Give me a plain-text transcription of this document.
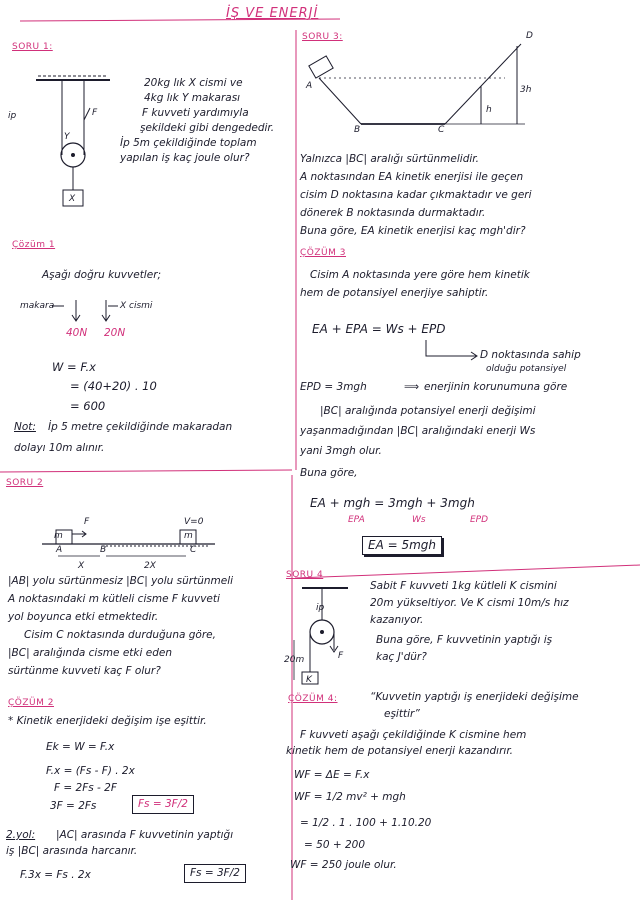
İŞ VE ENERJİ
SORU 1:
ip	F
Y
X
20kg lık X cismi ve
4kg lık Y makarası
F kuvveti yardımıyla
şekildeki gibi dengededir.
İp 5m çekildiğinde toplam
yapılan iş kaç joule olur?
Çözüm 1
Aşağı doğru kuvvetler;
makara	X cismi
40N 20N
W = F.x
= (40+20) . 10
= 600
Not: İp 5 metre çekildiğinde makaradan
dolayı 10m alınır.
SORU 2
m	m
F	V=0
A	B	C
X	2X
|AB| yolu sürtünmesiz |BC| yolu sürtünmeli
A noktasındaki m kütleli cisme F kuvveti
yol boyunca etki etmektedir.
Cisim C noktasında durduğuna göre,
|BC| aralığında cisme etki eden
sürtünme kuvveti kaç F olur?
ÇÖZÜM 2
* Kinetik enerjideki değişim işe eşittir.
Ek = W = F.x
F.x = (Fs - F) . 2x
F = 2Fs - 2F
3F = 2Fs	Fs = 3F/2
2.yol: |AC| arasında F kuvvetinin yaptığı
iş |BC| arasında harcanır.
F.3x = Fs . 2x	Fs = 3F/2
SORU 3:
A
B	C
D
h
3h
Yalnızca |BC| aralığı sürtünmelidir.
A noktasından EA kinetik enerjisi ile geçen
cisim D noktasına kadar çıkmaktadır ve geri
dönerek B noktasında durmaktadır.
Buna göre, EA kinetik enerjisi kaç mgh'dir?
ÇÖZÜM 3
Cisim A noktasında yere göre hem kinetik
hem de potansiyel enerjiye sahiptir.
EA + EPA = Ws + EPD
D noktasında sahip
olduğu potansiyel
EPD = 3mgh	⟹ enerjinin korunumuna göre
|BC| aralığında potansiyel enerji değişimi
yaşanmadığından |BC| aralığındaki enerji Ws
yani 3mgh olur.
Buna göre,
EA + mgh = 3mgh + 3mgh
EPA	Ws	EPD
EA = 5mgh
SORU 4
ip
F
20m
K
Sabit F kuvveti 1kg kütleli K cismini
20m yükseltiyor. Ve K cismi 10m/s hız
kazanıyor.
Buna göre, F kuvvetinin yaptığı iş
kaç J'dür?
ÇÖZÜM 4:	“Kuvvetin yaptığı iş enerjideki değişime
eşittir”
F kuvveti aşağı çekildiğinde K cismine hem
kinetik hem de potansiyel enerji kazandırır.
WF = ΔE = F.x
WF = 1/2 mv² + mgh
= 1/2 . 1 . 100 + 1.10.20
= 50 + 200
WF = 250 joule olur.
